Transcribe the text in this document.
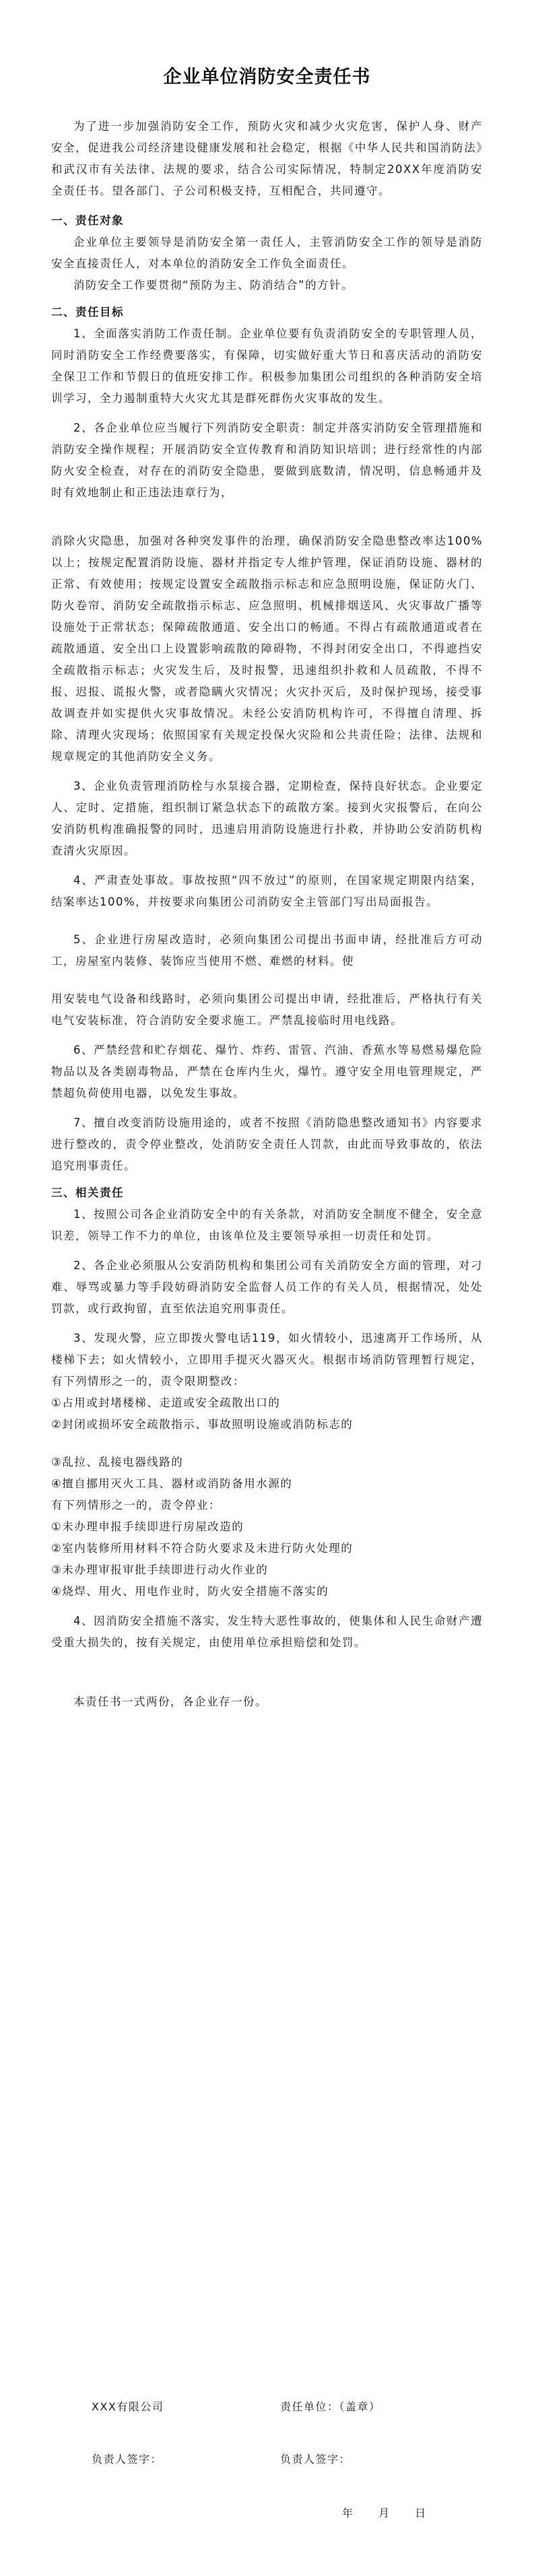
企业单位消防安全责任书

为了进一步加强消防安全工作，预防火灾和减少火灾危害，保护人身、财产安全，促进我公司经济建设健康发展和社会稳定，根据《中华人民共和国消防法》和武汉市有关法律、法规的要求，结合公司实际情况，特制定20XX年度消防安全责任书。望各部门、子公司积极支持，互相配合，共同遵守。

一、责任对象

企业单位主要领导是消防安全第一责任人，主管消防安全工作的领导是消防安全直接责任人，对本单位的消防安全工作负全面责任。

消防安全工作要贯彻“预防为主、防消结合”的方针。

二、责任目标

1、全面落实消防工作责任制。企业单位要有负责消防安全的专职管理人员，同时消防安全工作经费要落实，有保障，切实做好重大节日和喜庆活动的消防安全保卫工作和节假日的值班安排工作。积极参加集团公司组织的各种消防安全培训学习，全力遏制重特大火灾尤其是群死群伤火灾事故的发生。

2、各企业单位应当履行下列消防安全职责：制定并落实消防安全管理措施和消防安全操作规程；开展消防安全宣传教育和消防知识培训；进行经常性的内部防火安全检查，对存在的消防安全隐患，要做到底数清，情况明，信息畅通并及时有效地制止和正违法违章行为，

消除火灾隐患，加强对各种突发事件的治理，确保消防安全隐患整改率达100%以上；按规定配置消防设施、器材并指定专人维护管理，保证消防设施、器材的正常、有效使用；按规定设置安全疏散指示标志和应急照明设施，保证防火门、防火卷帘、消防安全疏散指示标志、应急照明、机械排烟送风、火灾事故广播等设施处于正常状态；保障疏散通道、安全出口的畅通。不得占有疏散通道或者在疏散通道、安全出口上设置影响疏散的障碍物，不得封闭安全出口，不得遮挡安全疏散指示标志；火灾发生后，及时报警，迅速组织扑救和人员疏散，不得不报、迟报、谎报火警，或者隐瞒火灾情况；火灾扑灭后，及时保护现场，接受事故调查并如实提供火灾事故情况。未经公安消防机构许可，不得擅自清理、拆除、清理火灾现场；依照国家有关规定投保火灾险和公共责任险；法律、法规和规章规定的其他消防安全义务。

3、企业负责管理消防栓与水泵接合器，定期检查，保持良好状态。企业要定人、定时、定措施，组织制订紧急状态下的疏散方案。接到火灾报警后，在向公安消防机构准确报警的同时，迅速启用消防设施进行扑救，并协助公安消防机构查清火灾原因。

4、严肃查处事故。事故按照“四不放过”的原则，在国家规定期限内结案，结案率达100%，并按要求向集团公司消防安全主管部门写出局面报告。

5、企业进行房屋改造时，必须向集团公司提出书面申请，经批准后方可动工，房屋室内装修、装饰应当使用不燃、难燃的材料。使

用安装电气设备和线路时，必须向集团公司提出申请，经批准后，严格执行有关电气安装标准，符合消防安全要求施工。严禁乱接临时用电线路。

6、严禁经营和贮存烟花、爆竹、炸药、雷管、汽油、香蕉水等易燃易爆危险物品以及各类剧毒物品，严禁在仓库内生火，爆竹。遵守安全用电管理规定，严禁超负荷使用电器，以免发生事故。

7、擅自改变消防设施用途的，或者不按照《消防隐患整改通知书》内容要求进行整改的，责令停业整改，处消防安全责任人罚款，由此而导致事故的，依法追究刑事责任。

三、相关责任

1、按照公司各企业消防安全中的有关条款，对消防安全制度不健全，安全意识差，领导工作不力的单位，由该单位及主要领导承担一切责任和处罚。

2、各企业必须服从公安消防机构和集团公司有关消防安全方面的管理，对刁难、辱骂或暴力等手段妨碍消防安全监督人员工作的有关人员，根据情况，处处罚款，或行政拘留，直至依法追究刑事责任。

3、发现火警，应立即拨火警电话119，如火情较小，迅速离开工作场所，从楼梯下去；如火情较小，立即用手提灭火器灭火。根据市场消防管理暂行规定，有下列情形之一的，责令限期整改：

①占用或封堵楼梯、走道或安全疏散出口的

②封闭或损坏安全疏散指示、事故照明设施或消防标志的

③乱拉、乱接电器线路的

④擅自挪用灭火工具、器材或消防备用水源的

有下列情形之一的，责令停业：

①未办理申报手续即进行房屋改造的

②室内装修所用材料不符合防火要求及未进行防火处理的

③未办理审报审批手续即进行动火作业的

④烧焊、用火、用电作业时，防火安全措施不落实的

4、因消防安全措施不落实，发生特大恶性事故的，使集体和人民生命财产遭受重大损失的，按有关规定，由使用单位承担赔偿和处罚。

本责任书一式两份，各企业存一份。

XXX有限公司	责任单位：（盖章）
负责人签字：	负责人签字：
年 月 日
